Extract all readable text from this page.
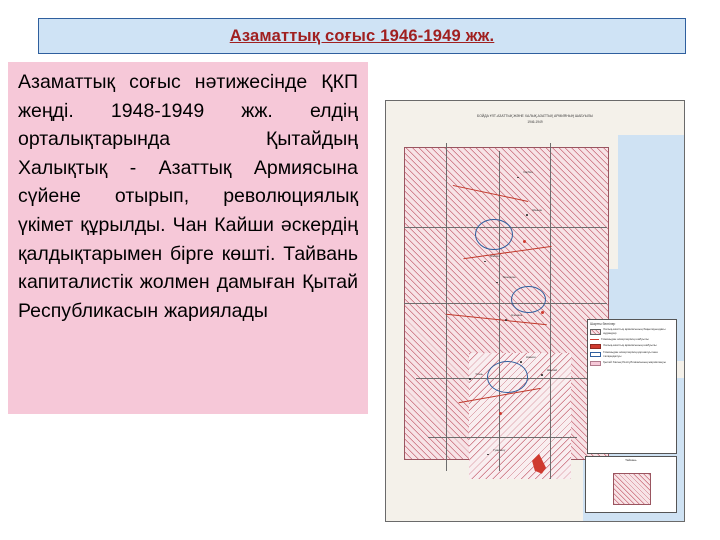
Азаматтық соғыс 1946-1949 жж.

Азаматтық соғыс нәтижесінде ҚКП жеңді. 1948-1949 жж. елдің орталықтарында Қытайдың Халықтық - Азаттық Армиясына сүйене отырып, революциялық үкімет құрылды. Чан Кайши әскердің қалдықтарымен бірге көшті. Тайвань капиталистік жолмен дамыған Қытай Республикасын жариялады

БОЙДА ҰЛТ-АЗАТТЫҚ ЖӘНЕ ХАЛЫҚ-АЗАТТЫҚ АРМИЯНЫҢ ШАБУЫЛЫ
1946-1949
Харбин
Шэньян
Бэйпин
Тяньцзинь
Цзинань
Нанкин
Шанхай
Ухань
Гуанчжоу
Шартты белгілер
Халық-азаттық армиясының бақылауындағы аудандар
Гоминьдан әскерлерінің шабуылы
Халық-азаттық армиясының шабуылы
Гоминьдан әскерлерінің қоршалуы мен талқандалуы
Қытай Халық Республикасының жариялануы
Тайвань
